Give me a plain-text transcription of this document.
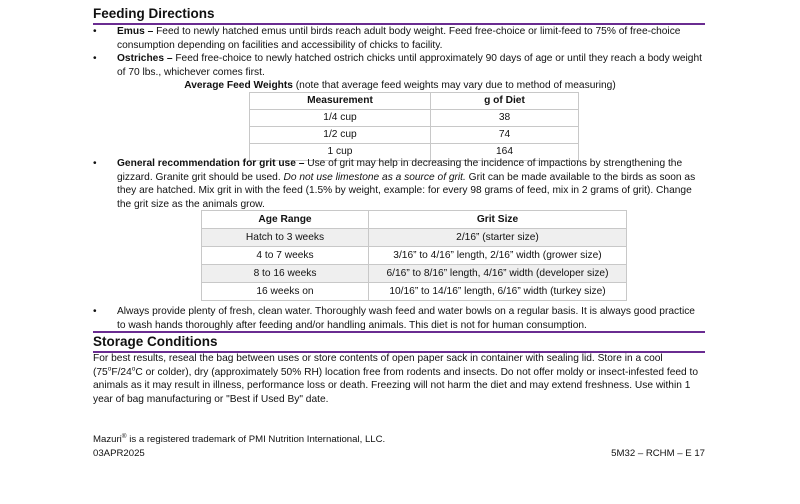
Feeding Directions
•	Emus – Feed to newly hatched emus until birds reach adult body weight. Feed free-choice or limit-feed to 75% of free-choice consumption depending on facilities and accessibility of chicks to facility.
•	Ostriches – Feed free-choice to newly hatched ostrich chicks until approximately 90 days of age or until they reach a body weight of 70 lbs., whichever comes first.
Average Feed Weights (note that average feed weights may vary due to method of measuring)
Measurement	g of Diet
1/4 cup	38
1/2 cup	74
1 cup	164
•	General recommendation for grit use – Use of grit may help in decreasing the incidence of impactions by strengthening the gizzard. Granite grit should be used. Do not use limestone as a source of grit. Grit can be made available to the birds as soon as they are hatched. Mix grit in with the feed (1.5% by weight, example: for every 98 grams of feed, mix in 2 grams of grit). Change the grit size as the animals grow.
Age Range	Grit Size
Hatch to 3 weeks	2/16” (starter size)
4 to 7 weeks	3/16” to 4/16” length, 2/16” width (grower size)
8 to 16 weeks	6/16” to 8/16” length, 4/16” width (developer size)
16 weeks on	10/16” to 14/16” length, 6/16” width (turkey size)
•	Always provide plenty of fresh, clean water. Thoroughly wash feed and water bowls on a regular basis. It is always good practice to wash hands thoroughly after feeding and/or handling animals. This diet is not for human consumption.
Storage Conditions
For best results, reseal the bag between uses or store contents of open paper sack in container with sealing lid. Store in a cool (75$^o$F/24$^o$C or colder), dry (approximately 50% RH) location free from rodents and insects. Do not offer moldy or insect-infested feed to animals as it may result in illness, performance loss or death. Freezing will not harm the diet and may extend freshness. Use within 1 year of bag manufacturing or "Best if Used By" date.
Mazuri® is a registered trademark of PMI Nutrition International, LLC.
03APR2025	5M32 – RCHM – E 17
